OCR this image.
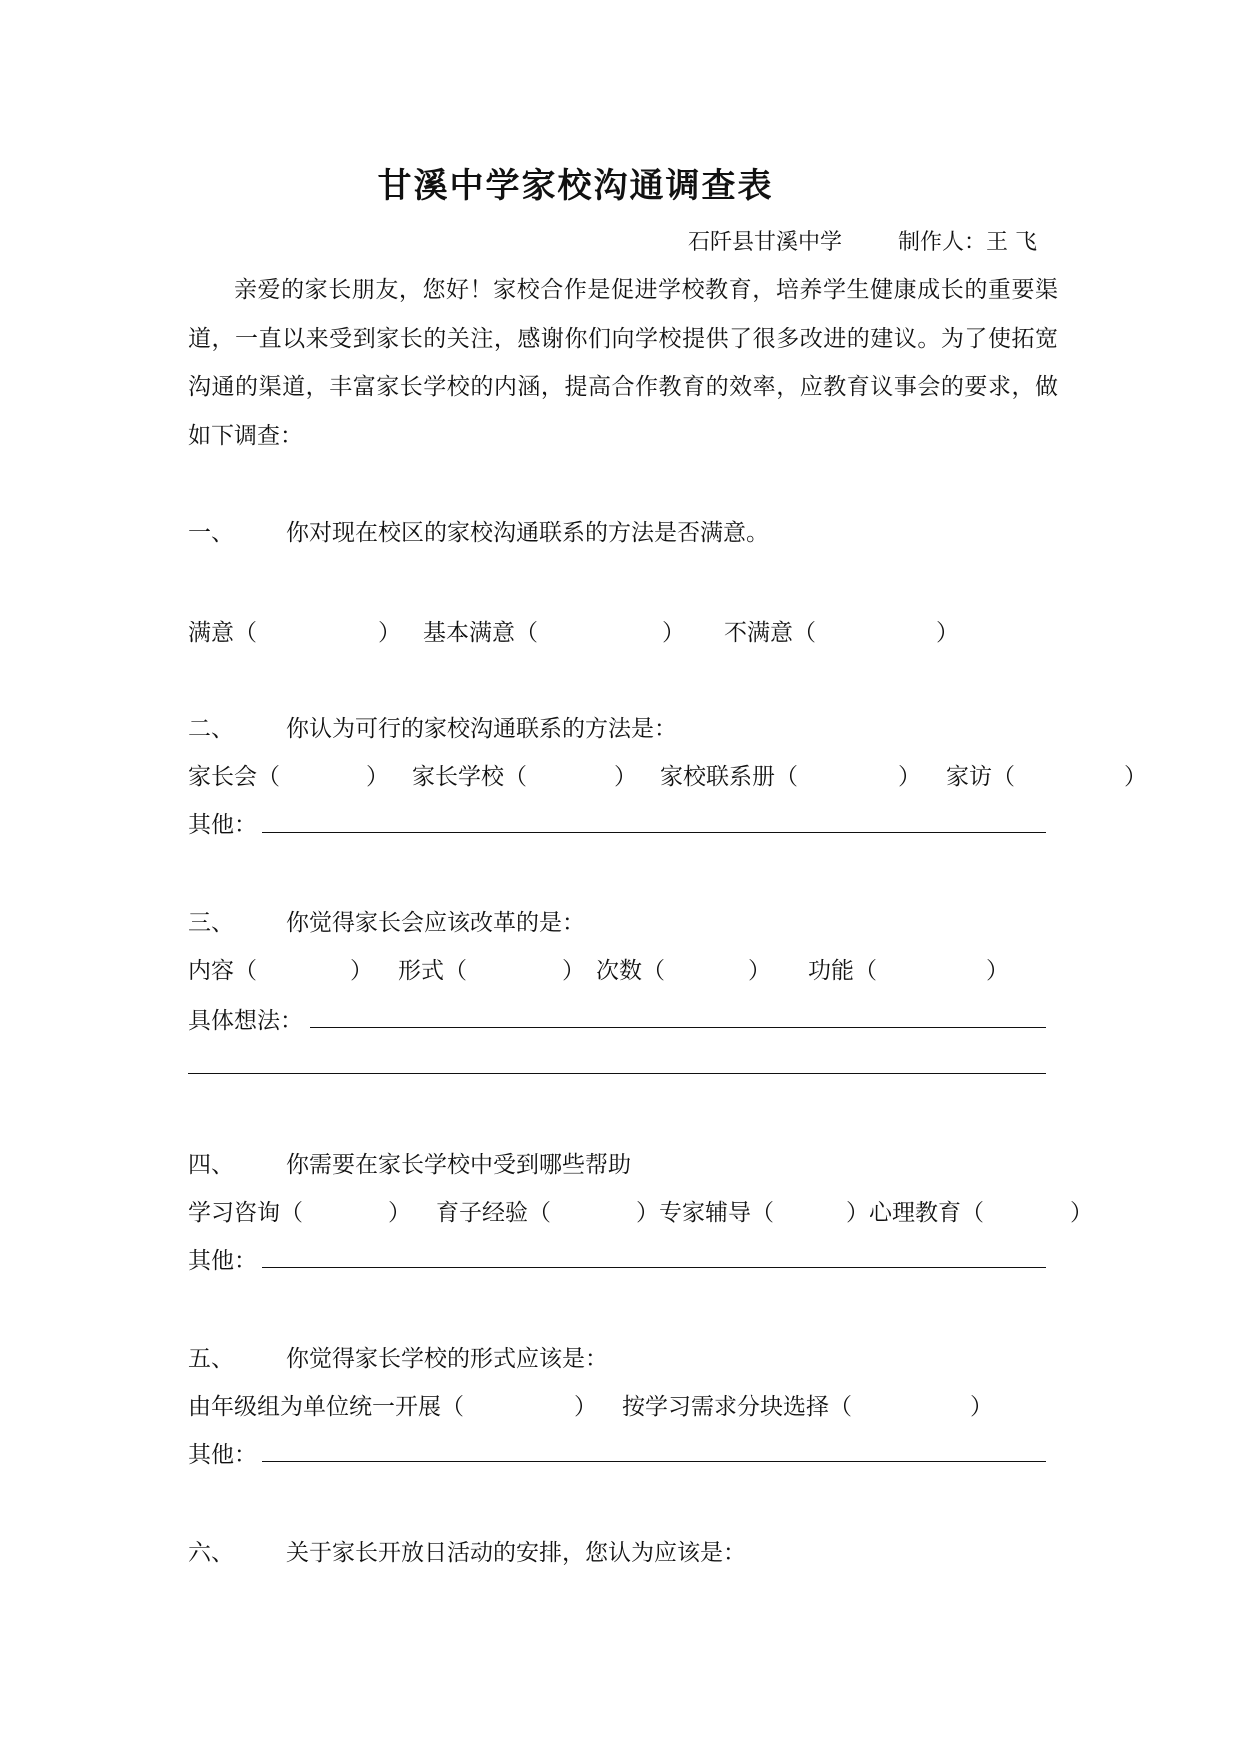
甘溪中学家校沟通调查表
石阡县甘溪中学	制作人：王 飞
亲爱的家长朋友，您好！家校合作是促进学校教育，培养学生健康成长的重要渠道，一直以来受到家长的关注，感谢你们向学校提供了很多改进的建议。为了使拓宽沟通的渠道，丰富家长学校的内涵，提高合作教育的效率，应教育议事会的要求，做如下调查：
一、 你对现在校区的家校沟通联系的方法是否满意。
满意（	） 基本满意（	） 不满意（	）
二、 你认为可行的家校沟通联系的方法是：
家长会（	） 家长学校（	） 家校联系册（	） 家访（	）
其他：
三、 你觉得家长会应该改革的是：
内容（	） 形式（	） 次数（	） 功能（	）
具体想法：
四、 你需要在家长学校中受到哪些帮助
学习咨询（	） 育子经验（	）专家辅导（	）心理教育（	）
其他：
五、 你觉得家长学校的形式应该是：
由年级组为单位统一开展（	） 按学习需求分块选择（	）
其他：
六、 关于家长开放日活动的安排，您认为应该是：
